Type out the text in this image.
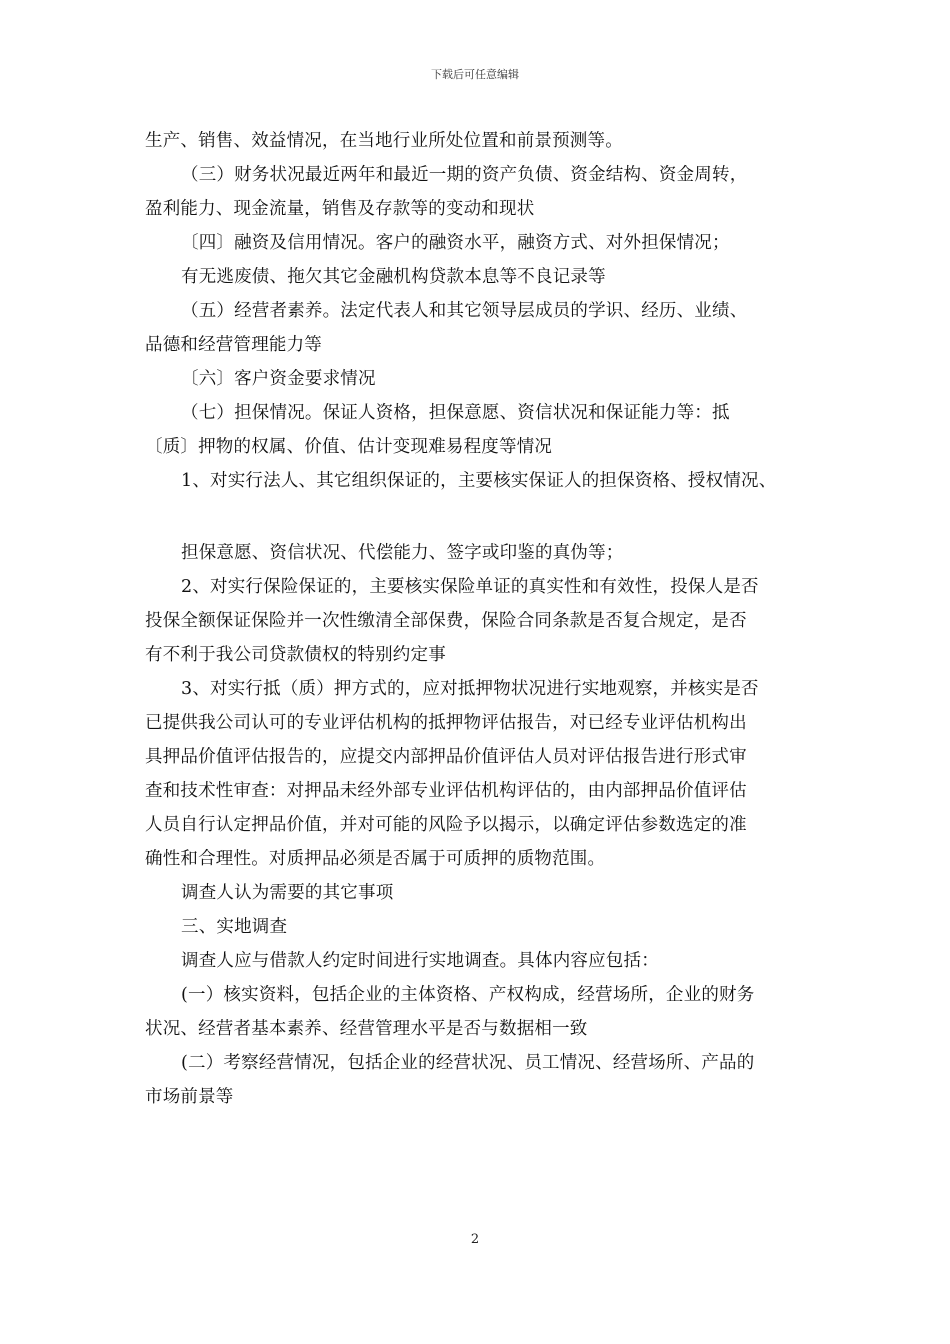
下载后可任意编辑

生产、销售、效益情况，在当地行业所处位置和前景预测等。

（三）财务状况最近两年和最近一期的资产负债、资金结构、资金周转，

盈利能力、现金流量，销售及存款等的变动和现状

〔四〕融资及信用情况。客户的融资水平，融资方式、对外担保情况；

有无逃废债、拖欠其它金融机构贷款本息等不良记录等

（五）经营者素养。法定代表人和其它领导层成员的学识、经历、业绩、

品德和经营管理能力等

〔六〕客户资金要求情况

（七）担保情况。保证人资格，担保意愿、资信状况和保证能力等：抵

〔质〕押物的权属、价值、估计变现难易程度等情况

1、对实行法人、其它组织保证的，主要核实保证人的担保资格、授权情况、

担保意愿、资信状况、代偿能力、签字或印鉴的真伪等；

2、对实行保险保证的，主要核实保险单证的真实性和有效性，投保人是否

投保全额保证保险并一次性缴清全部保费，保险合同条款是否复合规定，是否

有不利于我公司贷款债权的特别约定事

3、对实行抵（质）押方式的，应对抵押物状况进行实地观察，并核实是否

已提供我公司认可的专业评估机构的抵押物评估报告，对已经专业评估机构出

具押品价值评估报告的，应提交内部押品价值评估人员对评估报告进行形式审

查和技术性审查：对押品未经外部专业评估机构评估的，由内部押品价值评估

人员自行认定押品价值，并对可能的风险予以揭示，以确定评估参数选定的准

确性和合理性。对质押品必须是否属于可质押的质物范围。

调查人认为需要的其它事项

三、实地调查

调查人应与借款人约定时间进行实地调查。具体内容应包括：

(一）核实资料，包括企业的主体资格、产权构成，经营场所，企业的财务

状况、经营者基本素养、经营管理水平是否与数据相一致

(二）考察经营情况，包括企业的经营状况、员工情况、经营场所、产品的

市场前景等

2
